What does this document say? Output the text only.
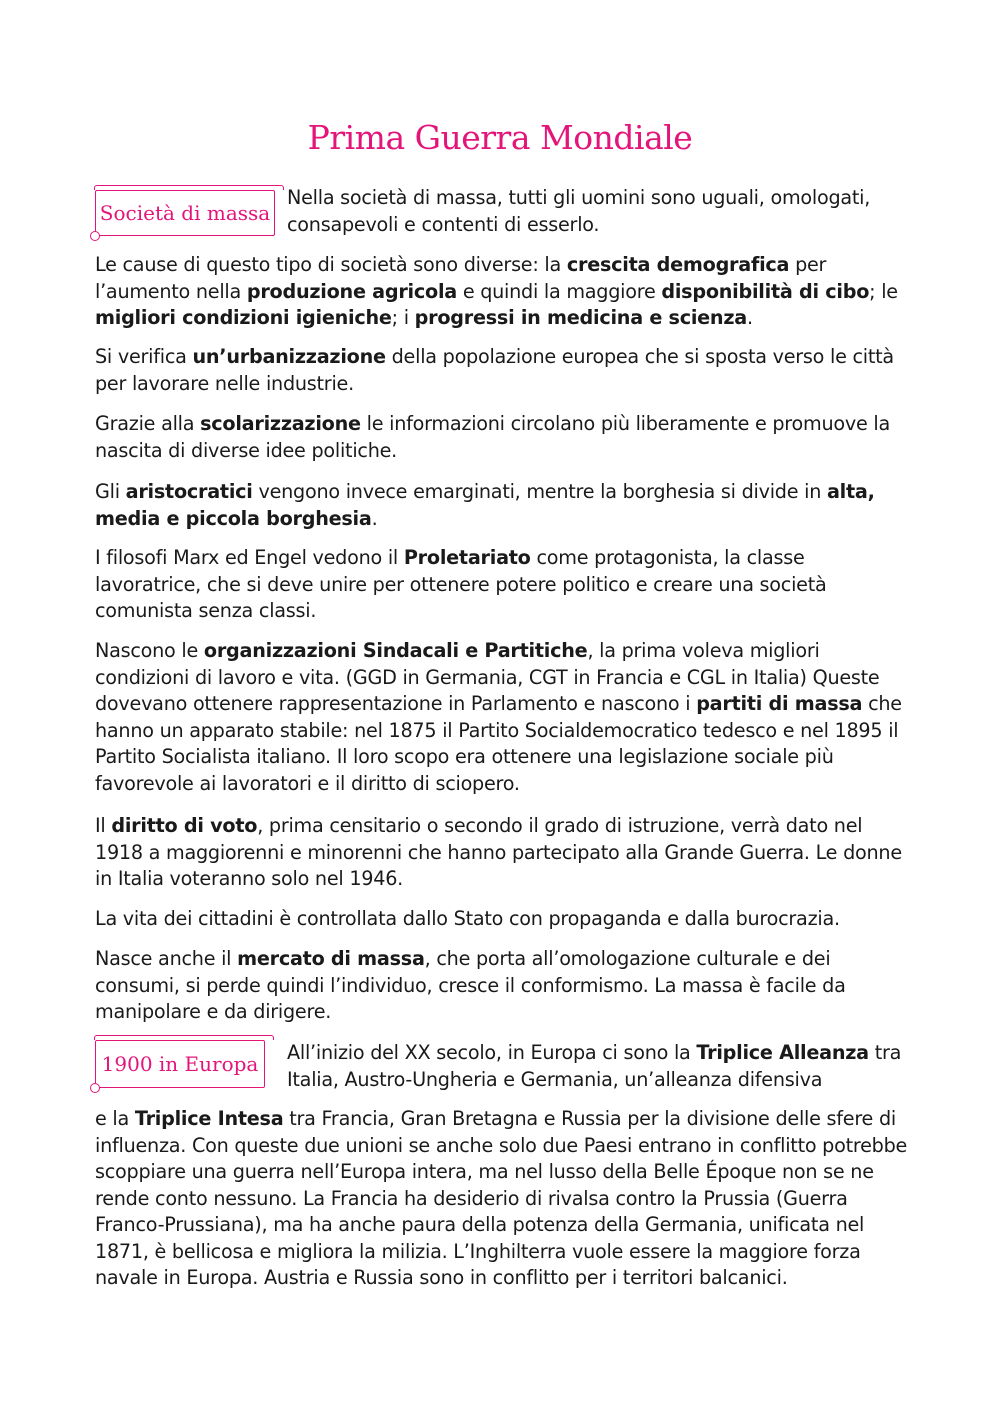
Prima Guerra Mondiale
Società di massa

Nella società di massa, tutti gli uomini sono uguali, omologati, consapevoli e contenti di esserlo.

Le cause di questo tipo di società sono diverse: la crescita demografica per l’aumento nella produzione agricola e quindi la maggiore disponibilità di cibo; le migliori condizioni igieniche; i progressi in medicina e scienza.

Si verifica un’urbanizzazione della popolazione europea che si sposta verso le città per lavorare nelle industrie.

Grazie alla scolarizzazione le informazioni circolano più liberamente e promuove la nascita di diverse idee politiche.

Gli aristocratici vengono invece emarginati, mentre la borghesia si divide in alta, media e piccola borghesia.

I filosofi Marx ed Engel vedono il Proletariato come protagonista, la classe lavoratrice, che si deve unire per ottenere potere politico e creare una società comunista senza classi.

Nascono le organizzazioni Sindacali e Partitiche, la prima voleva migliori condizioni di lavoro e vita. (GGD in Germania, CGT in Francia e CGL in Italia) Queste dovevano ottenere rappresentazione in Parlamento e nascono i partiti di massa che hanno un apparato stabile: nel 1875 il Partito Socialdemocratico tedesco e nel 1895 il Partito Socialista italiano. Il loro scopo era ottenere una legislazione sociale più favorevole ai lavoratori e il diritto di sciopero.

Il diritto di voto, prima censitario o secondo il grado di istruzione, verrà dato nel 1918 a maggiorenni e minorenni che hanno partecipato alla Grande Guerra. Le donne in Italia voteranno solo nel 1946.

La vita dei cittadini è controllata dallo Stato con propaganda e dalla burocrazia.

Nasce anche il mercato di massa, che porta all’omologazione culturale e dei consumi, si perde quindi l’individuo, cresce il conformismo. La massa è facile da manipolare e da dirigere.

1900 in Europa	All’inizio del XX secolo, in Europa ci sono la Triplice Alleanza tra Italia, Austro-Ungheria e Germania, un’alleanza difensiva

e la Triplice Intesa tra Francia, Gran Bretagna e Russia per la divisione delle sfere di influenza. Con queste due unioni se anche solo due Paesi entrano in conflitto potrebbe scoppiare una guerra nell’Europa intera, ma nel lusso della Belle Époque non se ne rende conto nessuno. La Francia ha desiderio di rivalsa contro la Prussia (Guerra Franco-Prussiana), ma ha anche paura della potenza della Germania, unificata nel 1871, è bellicosa e migliora la milizia. L’Inghilterra vuole essere la maggiore forza navale in Europa. Austria e Russia sono in conflitto per i territori balcanici.
